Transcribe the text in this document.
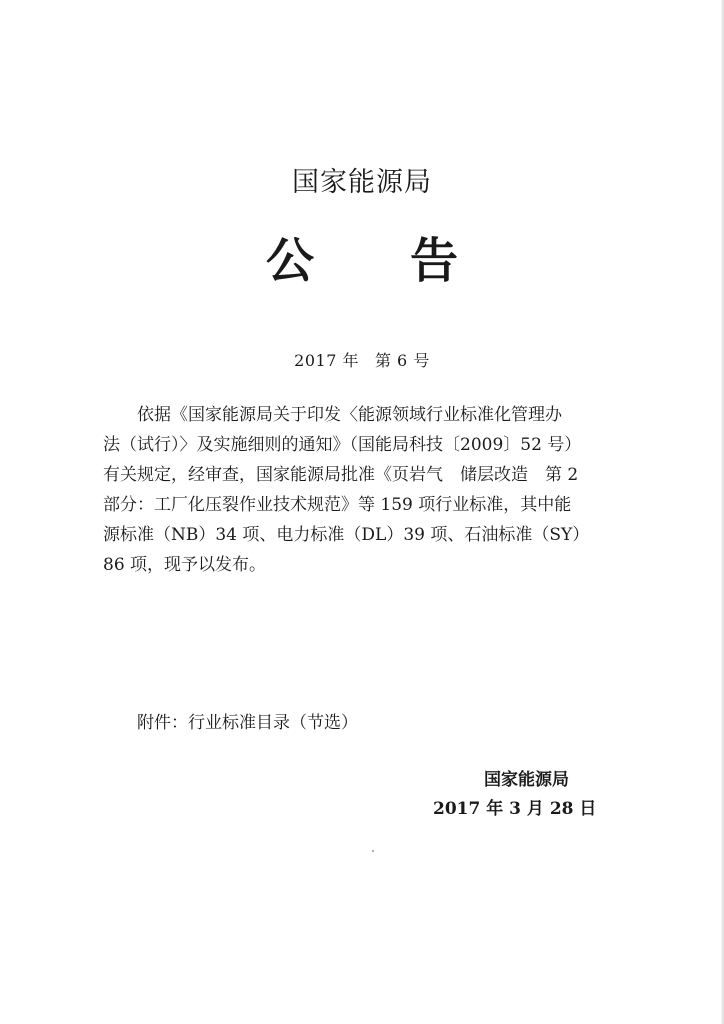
国家能源局
公 告
2017 年 第 6 号
依据《国家能源局关于印发〈能源领域行业标准化管理办
法（试行）〉及实施细则的通知》（国能局科技〔2009〕52 号）
有关规定，经审查，国家能源局批准《页岩气　储层改造　第 2
部分：工厂化压裂作业技术规范》等 159 项行业标准，其中能
源标准（NB）34 项、电力标准（DL）39 项、石油标准（SY）
86 项，现予以发布。
附件：行业标准目录（节选）
国家能源局
2017 年 3 月 28 日
